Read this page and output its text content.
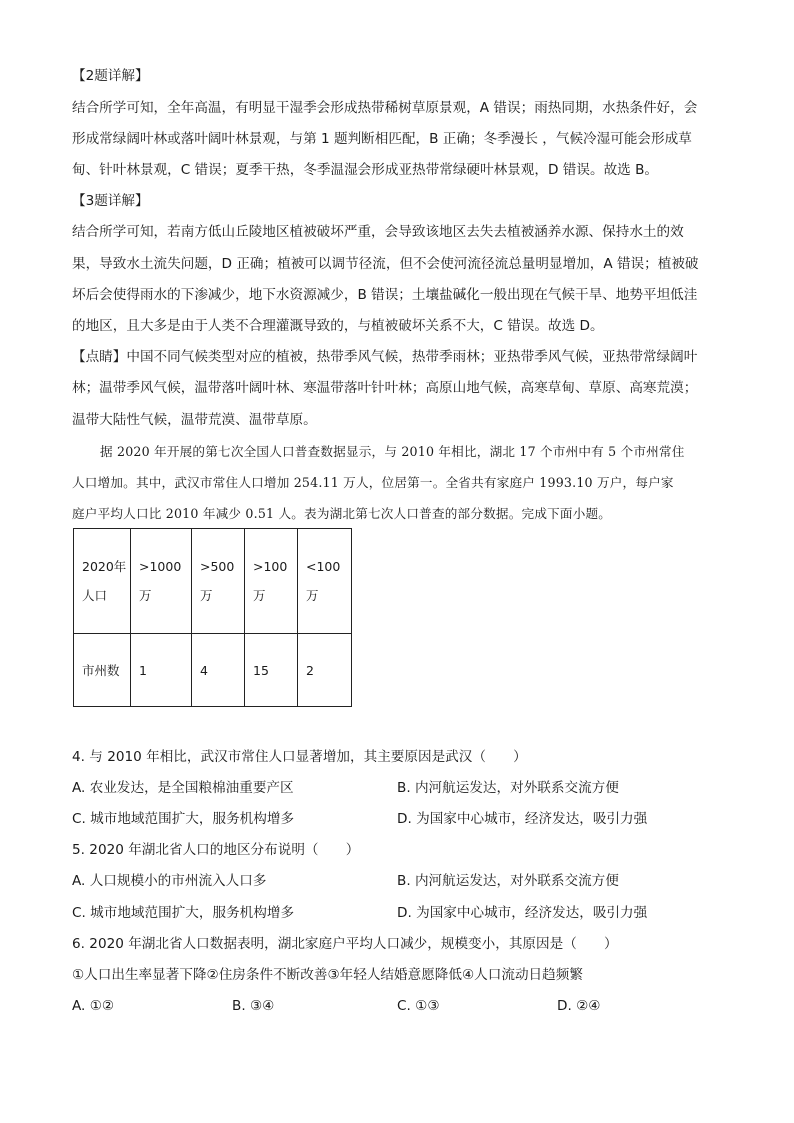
【2题详解】
结合所学可知，全年高温，有明显干湿季会形成热带稀树草原景观，A 错误；雨热同期，水热条件好，会
形成常绿阔叶林或落叶阔叶林景观，与第 1 题判断相匹配，B 正确；冬季漫长 ，气候冷湿可能会形成草
甸、针叶林景观，C 错误；夏季干热，冬季温湿会形成亚热带常绿硬叶林景观，D 错误。故选 B。
【3题详解】
结合所学可知，若南方低山丘陵地区植被破坏严重，会导致该地区去失去植被涵养水源、保持水土的效
果，导致水土流失问题，D 正确；植被可以调节径流，但不会使河流径流总量明显增加，A 错误；植被破
坏后会使得雨水的下渗减少，地下水资源减少，B 错误；土壤盐碱化一般出现在气候干旱、地势平坦低洼
的地区，且大多是由于人类不合理灌溉导致的，与植被破坏关系不大，C 错误。故选 D。
【点睛】中国不同气候类型对应的植被，热带季风气候，热带季雨林；亚热带季风气候，亚热带常绿阔叶
林；温带季风气候，温带落叶阔叶林、寒温带落叶针叶林；高原山地气候，高寒草甸、草原、高寒荒漠；
温带大陆性气候，温带荒漠、温带草原。
据 2020 年开展的第七次全国人口普查数据显示，与 2010 年相比，湖北 17 个市州中有 5 个市州常住
人口增加。其中，武汉市常住人口增加 254.11 万人，位居第一。全省共有家庭户 1993.10 万户，每户家
庭户平均人口比 2010 年减少 0.51 人。表为湖北第七次人口普查的部分数据。完成下面小题。
2020年人口	>1000万	>500万	>100万	<100万
市州数	1	4	15	2
4. 与 2010 年相比，武汉市常住人口显著增加，其主要原因是武汉（　　）
A. 农业发达，是全国粮棉油重要产区	B. 内河航运发达，对外联系交流方便
C. 城市地域范围扩大，服务机构增多	D. 为国家中心城市，经济发达，吸引力强
5. 2020 年湖北省人口的地区分布说明（　　）
A. 人口规模小的市州流入人口多	B. 内河航运发达，对外联系交流方便
C. 城市地域范围扩大，服务机构增多	D. 为国家中心城市，经济发达，吸引力强
6. 2020 年湖北省人口数据表明，湖北家庭户平均人口减少，规模变小，其原因是（　　）
①人口出生率显著下降②住房条件不断改善③年轻人结婚意愿降低④人口流动日趋频繁
A. ①②	B. ③④	C. ①③	D. ②④
